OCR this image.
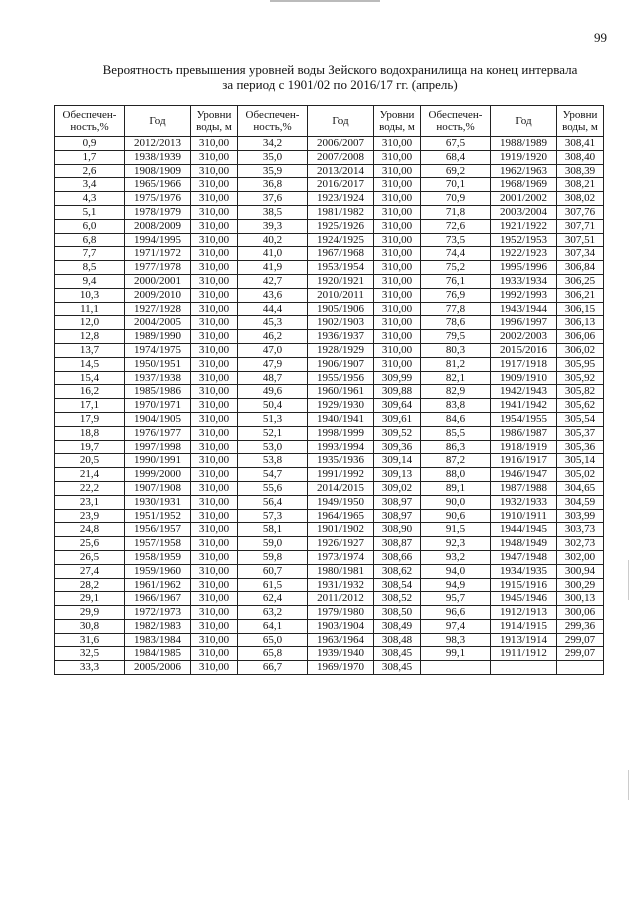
99
Вероятность превышения уровней воды Зейского водохранилища на конец интервала
за период с 1901/02 по 2016/17 гг. (апрель)
Обеспечен-ность,%	Год	Уровни воды, м	Обеспечен-ность,%	Год	Уровни воды, м	Обеспечен-ность,%	Год	Уровни воды, м
0,9	2012/2013	310,00	34,2	2006/2007	310,00	67,5	1988/1989	308,41
1,7	1938/1939	310,00	35,0	2007/2008	310,00	68,4	1919/1920	308,40
2,6	1908/1909	310,00	35,9	2013/2014	310,00	69,2	1962/1963	308,39
3,4	1965/1966	310,00	36,8	2016/2017	310,00	70,1	1968/1969	308,21
4,3	1975/1976	310,00	37,6	1923/1924	310,00	70,9	2001/2002	308,02
5,1	1978/1979	310,00	38,5	1981/1982	310,00	71,8	2003/2004	307,76
6,0	2008/2009	310,00	39,3	1925/1926	310,00	72,6	1921/1922	307,71
6,8	1994/1995	310,00	40,2	1924/1925	310,00	73,5	1952/1953	307,51
7,7	1971/1972	310,00	41,0	1967/1968	310,00	74,4	1922/1923	307,34
8,5	1977/1978	310,00	41,9	1953/1954	310,00	75,2	1995/1996	306,84
9,4	2000/2001	310,00	42,7	1920/1921	310,00	76,1	1933/1934	306,25
10,3	2009/2010	310,00	43,6	2010/2011	310,00	76,9	1992/1993	306,21
11,1	1927/1928	310,00	44,4	1905/1906	310,00	77,8	1943/1944	306,15
12,0	2004/2005	310,00	45,3	1902/1903	310,00	78,6	1996/1997	306,13
12,8	1989/1990	310,00	46,2	1936/1937	310,00	79,5	2002/2003	306,06
13,7	1974/1975	310,00	47,0	1928/1929	310,00	80,3	2015/2016	306,02
14,5	1950/1951	310,00	47,9	1906/1907	310,00	81,2	1917/1918	305,95
15,4	1937/1938	310,00	48,7	1955/1956	309,99	82,1	1909/1910	305,92
16,2	1985/1986	310,00	49,6	1960/1961	309,88	82,9	1942/1943	305,82
17,1	1970/1971	310,00	50,4	1929/1930	309,64	83,8	1941/1942	305,62
17,9	1904/1905	310,00	51,3	1940/1941	309,61	84,6	1954/1955	305,54
18,8	1976/1977	310,00	52,1	1998/1999	309,52	85,5	1986/1987	305,37
19,7	1997/1998	310,00	53,0	1993/1994	309,36	86,3	1918/1919	305,36
20,5	1990/1991	310,00	53,8	1935/1936	309,14	87,2	1916/1917	305,14
21,4	1999/2000	310,00	54,7	1991/1992	309,13	88,0	1946/1947	305,02
22,2	1907/1908	310,00	55,6	2014/2015	309,02	89,1	1987/1988	304,65
23,1	1930/1931	310,00	56,4	1949/1950	308,97	90,0	1932/1933	304,59
23,9	1951/1952	310,00	57,3	1964/1965	308,97	90,6	1910/1911	303,99
24,8	1956/1957	310,00	58,1	1901/1902	308,90	91,5	1944/1945	303,73
25,6	1957/1958	310,00	59,0	1926/1927	308,87	92,3	1948/1949	302,73
26,5	1958/1959	310,00	59,8	1973/1974	308,66	93,2	1947/1948	302,00
27,4	1959/1960	310,00	60,7	1980/1981	308,62	94,0	1934/1935	300,94
28,2	1961/1962	310,00	61,5	1931/1932	308,54	94,9	1915/1916	300,29
29,1	1966/1967	310,00	62,4	2011/2012	308,52	95,7	1945/1946	300,13
29,9	1972/1973	310,00	63,2	1979/1980	308,50	96,6	1912/1913	300,06
30,8	1982/1983	310,00	64,1	1903/1904	308,49	97,4	1914/1915	299,36
31,6	1983/1984	310,00	65,0	1963/1964	308,48	98,3	1913/1914	299,07
32,5	1984/1985	310,00	65,8	1939/1940	308,45	99,1	1911/1912	299,07
33,3	2005/2006	310,00	66,7	1969/1970	308,45			
